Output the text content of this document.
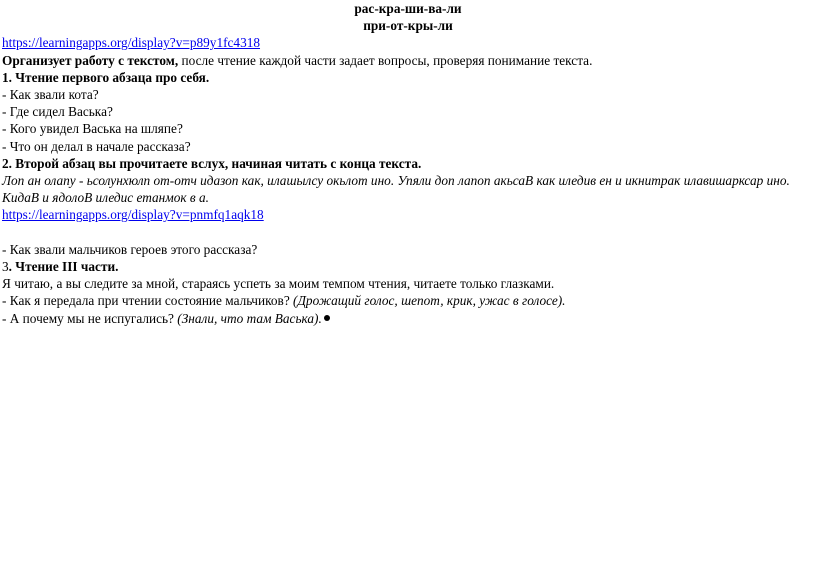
рас-кра-ши-ва-ли
при-от-кры-ли
https://learningapps.org/display?v=p89y1fc4318
Организует работу с текстом, после чтение каждой части задает вопросы, проверяя понимание текста.
1. Чтение первого абзаца про себя.
- Как звали кота?
- Где сидел Васька?
- Кого увидел Васька на шляпе?
- Что он делал в начале рассказа?
2. Второй абзац вы прочитаете вслух, начиная читать с конца текста.
Лоп ан олапу - ьсолунхюлп от-отч идазоп как, илашылсу окьлот ино. Упяли доп лапоп акьсаВ как иледив ен и икнитрак илавишарксар ино. КидаВ и ядолоВ иледис етанмок в а.
https://learningapps.org/display?v=pnmfq1aqk18
- Как звали мальчиков героев этого рассказа?
3. Чтение III части.
Я читаю, а вы следите за мной, стараясь успеть за моим темпом чтения, читаете только глазками.
- Как я передала при чтении состояние мальчиков? (Дрожащий голос, шепот, крик, ужас в голосе).
- А почему мы не испугались? (Знали, что там Васька).
